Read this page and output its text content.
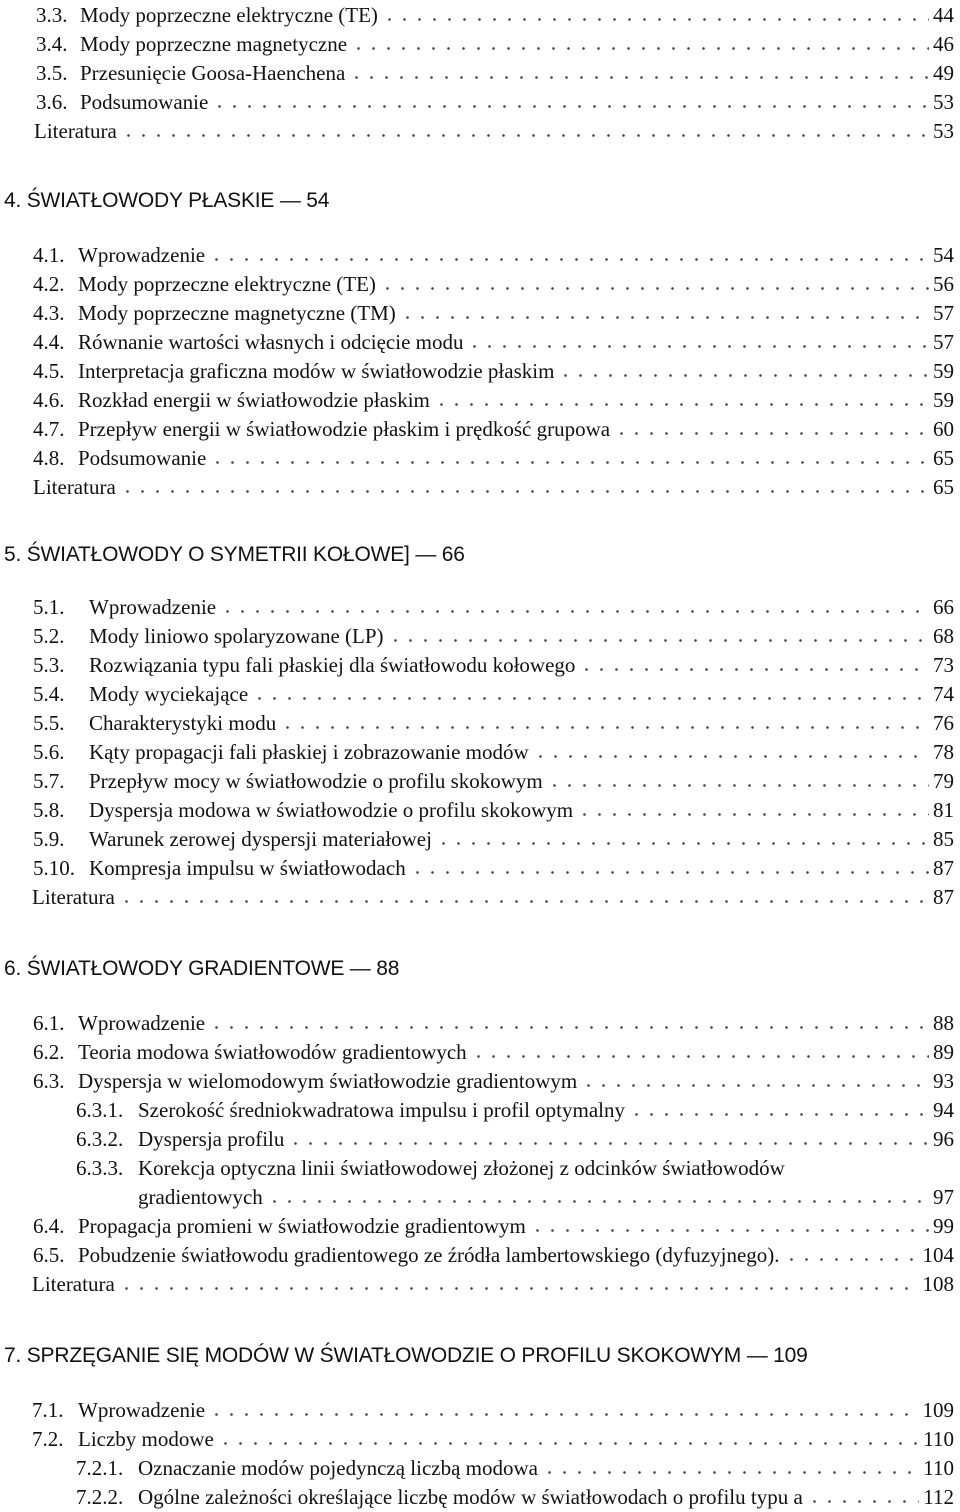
3.3. Mody poprzeczne elektryczne (TE)	44
3.4. Mody poprzeczne magnetyczne	46
3.5. Przesunięcie Goosa-Haenchena	49
3.6. Podsumowanie	53
Literatura	53
4. ŚWIATŁOWODY PŁASKIE — 54
4.1. Wprowadzenie	54
4.2. Mody poprzeczne elektryczne (TE)	56
4.3. Mody poprzeczne magnetyczne (TM)	57
4.4. Równanie wartości własnych i odcięcie modu	57
4.5. Interpretacja graficzna modów w światłowodzie płaskim	59
4.6. Rozkład energii w światłowodzie płaskim	59
4.7. Przepływ energii w światłowodzie płaskim i prędkość grupowa	60
4.8. Podsumowanie	65
Literatura	65
5. ŚWIATŁOWODY O SYMETRII KOŁOWE] — 66
5.1.	Wprowadzenie	66
5.2.	Mody liniowo spolaryzowane (LP)	68
5.3.	Rozwiązania typu fali płaskiej dla światłowodu kołowego	73
5.4.	Mody wyciekające	74
5.5.	Charakterystyki modu	76
5.6.	Kąty propagacji fali płaskiej i zobrazowanie modów	78
5.7.	Przepływ mocy w światłowodzie o profilu skokowym	79
5.8.	Dyspersja modowa w światłowodzie o profilu skokowym	81
5.9.	Warunek zerowej dyspersji materiałowej	85
5.10. Kompresja impulsu w światłowodach	87
Literatura	87
6. ŚWIATŁOWODY GRADIENTOWE — 88
6.1. Wprowadzenie	88
6.2. Teoria modowa światłowodów gradientowych	89
6.3. Dyspersja w wielomodowym światłowodzie gradientowym	93
6.3.1. Szerokość średniokwadratowa impulsu i profil optymalny	94
6.3.2. Dyspersja profilu	96
6.3.3. Korekcja optyczna linii światłowodowej złożonej z odcinków światłowodów
gradientowych	97
6.4. Propagacja promieni w światłowodzie gradientowym	99
6.5. Pobudzenie światłowodu gradientowego ze źródła lambertowskiego (dyfuzyjnego).	104
Literatura	108
7. SPRZĘGANIE SIĘ MODÓW W ŚWIATŁOWODZIE O PROFILU SKOKOWYM — 109
7.1. Wprowadzenie	109
7.2. Liczby modowe	110
7.2.1. Oznaczanie modów pojedynczą liczbą modowa	110
7.2.2. Ogólne zależności określające liczbę modów w światłowodach o profilu typu a	112
